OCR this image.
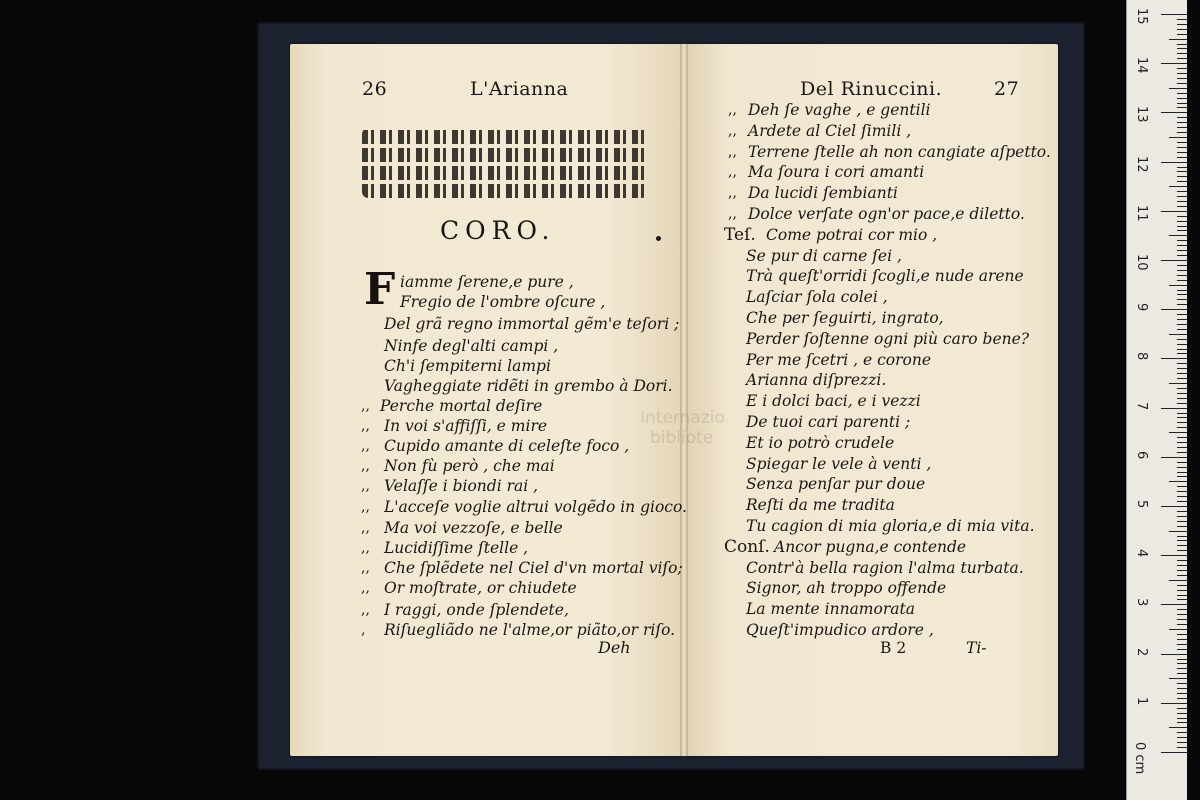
26	L'Arianna	Del Rinuccini.	27
CORO.
F
Internazio
bibliote
iamme ſerene,e pure ,
Fregio de l'ombre oſcure ,
Del grã regno immortal gẽm'e teſori ;
Ninfe degl'alti campi ,
Ch'i ſempiterni lampi
Vagheggiate ridẽti in grembo à Dori.
,, Perche mortal deſire
,, In voi s'affiſſi, e mire
,, Cupido amante di celeſte foco ,
,, Non fù però , che mai
,, Velaſſe i biondi rai ,
,, L'acceſe voglie altrui volgẽdo in gioco.
,, Ma voi vezzoſe, e belle
,, Lucidiſſime ſtelle ,
,, Che ſplẽdete nel Ciel d'vn mortal viſo;
,, Or moſtrate, or chiudete
,, I raggi, onde ſplendete,
, Riſuegliãdo ne l'alme,or piãto,or riſo.
Deh
,, Deh ſe vaghe , e gentili
,, Ardete al Ciel ſimili ,
,, Terrene ſtelle ah non cangiate aſpetto.
,, Ma ſoura i cori amanti
,, Da lucidi ſembianti
,, Dolce verſate ogn'or pace,e diletto.
Teſ. Come potrai cor mio ,
Se pur di carne ſei ,
Trà queſt'orridi ſcogli,e nude arene
Laſciar ſola colei ,
Che per ſeguirti, ingrato,
Perder ſoſtenne ogni più caro bene?
Per me ſcetri , e corone
Arianna diſprezzi.
E i dolci baci, e i vezzi
De tuoi cari parenti ;
Et io potrò crudele
Spiegar le vele à venti ,
Senza penſar pur doue
Reſti da me tradita
Tu cagion di mia gloria,e di mia vita.
Conſ. Ancor pugna,e contende
Contr'à bella ragion l'alma turbata.
Signor, ah troppo offende
La mente innamorata
Queſt'impudico ardore ,
B 2	Ti-
0 cm
1
2
3
4
5
6
7
8
9
10
11
12
13
14
15
